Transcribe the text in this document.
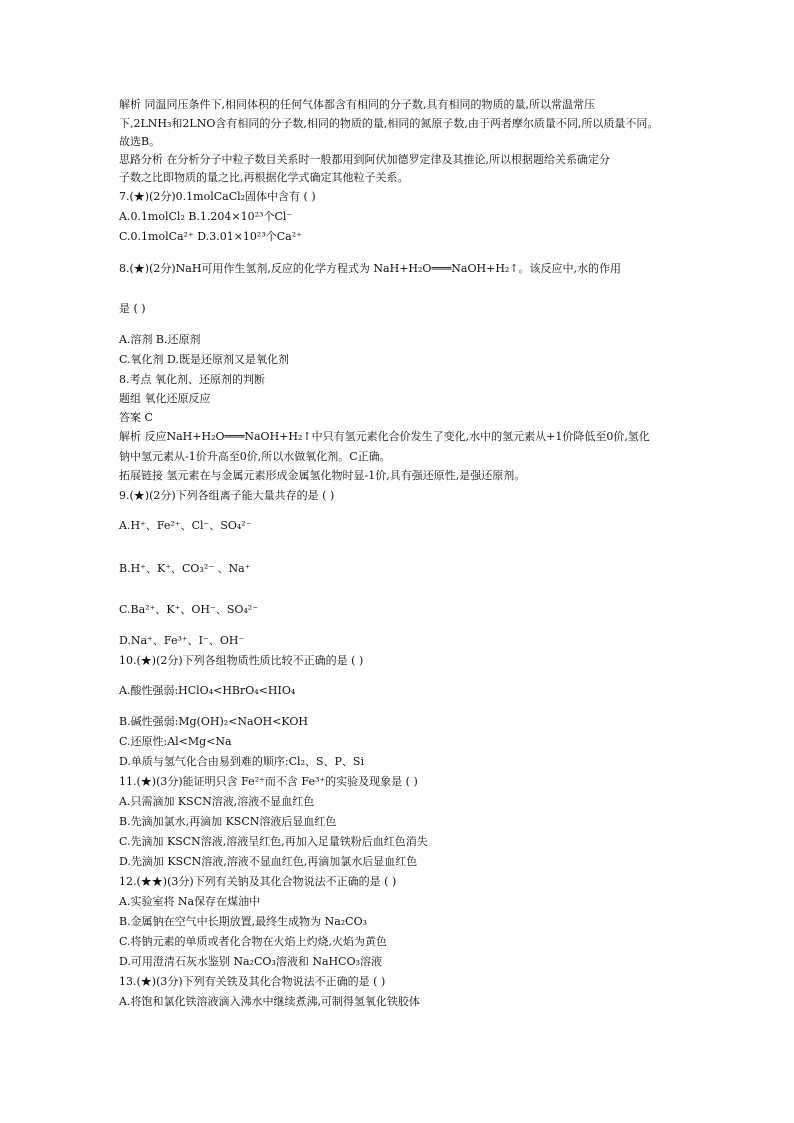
解析 同温同压条件下,相同体积的任何气体都含有相同的分子数,具有相同的物质的量,所以常温常压
下,2LNH₃和2LNO含有相同的分子数,相同的物质的量,相同的氮原子数,由于两者摩尔质量不同,所以质量不同。
故选B。
思路分析 在分析分子中粒子数目关系时一般都用到阿伏加德罗定律及其推论,所以根据题给关系确定分
子数之比即物质的量之比,再根据化学式确定其他粒子关系。
7.(★)(2分)0.1molCaCl₂固体中含有 ( )
A.0.1molCl₂ B.1.204×10²³个Cl⁻
C.0.1molCa²⁺ D.3.01×10²³个Ca²⁺
8.(★)(2分)NaH可用作生氢剂,反应的化学方程式为 NaH+H₂O═══NaOH+H₂↑。该反应中,水的作用
是 ( )
A.溶剂 B.还原剂
C.氧化剂 D.既是还原剂又是氧化剂
8.考点 氧化剂、还原剂的判断
题组 氧化还原反应
答案 C
解析 反应NaH+H₂O═══NaOH+H₂↑中只有氢元素化合价发生了变化,水中的氢元素从+1价降低至0价,氢化
钠中氢元素从-1价升高至0价,所以水做氧化剂。C正确。
拓展链接 氢元素在与金属元素形成金属氢化物时显-1价,具有强还原性,是强还原剂。
9.(★)(2分)下列各组离子能大量共存的是 ( )
A.H⁺、Fe²⁺、Cl⁻、SO₄²⁻
B.H⁺、K⁺、CO₃²⁻ 、Na⁺
C.Ba²⁺、K⁺、OH⁻、SO₄²⁻
D.Na⁺、Fe³⁺、I⁻、OH⁻
10.(★)(2分)下列各组物质性质比较不正确的是 ( )
A.酸性强弱:HClO₄<HBrO₄<HIO₄
B.碱性强弱:Mg(OH)₂<NaOH<KOH
C.还原性:Al<Mg<Na
D.单质与氢气化合由易到难的顺序:Cl₂、S、P、Si
11.(★)(3分)能证明只含 Fe²⁺而不含 Fe³⁺的实验及现象是 ( )
A.只需滴加 KSCN溶液,溶液不显血红色
B.先滴加氯水,再滴加 KSCN溶液后显血红色
C.先滴加 KSCN溶液,溶液呈红色,再加入足量铁粉后血红色消失
D.先滴加 KSCN溶液,溶液不显血红色,再滴加氯水后显血红色
12.(★★)(3分)下列有关钠及其化合物说法不正确的是 ( )
A.实验室将 Na保存在煤油中
B.金属钠在空气中长期放置,最终生成物为 Na₂CO₃
C.将钠元素的单质或者化合物在火焰上灼烧,火焰为黄色
D.可用澄清石灰水鉴别 Na₂CO₃溶液和 NaHCO₃溶液
13.(★)(3分)下列有关铁及其化合物说法不正确的是 ( )
A.将饱和氯化铁溶液滴入沸水中继续煮沸,可制得氢氧化铁胶体
